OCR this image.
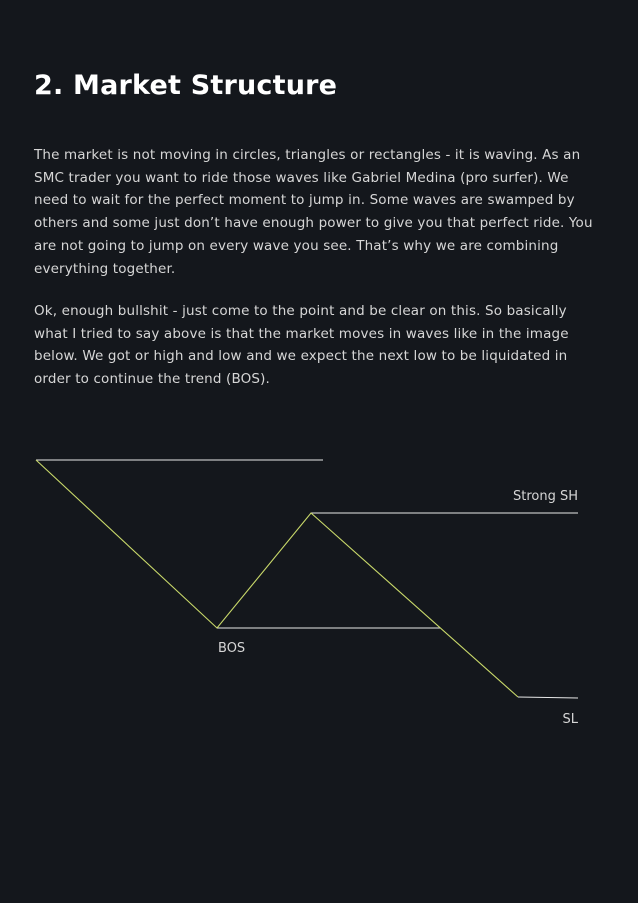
2. Market Structure

The market is not moving in circles, triangles or rectangles - it is waving. As an SMC trader you want to ride those waves like Gabriel Medina (pro surfer). We need to wait for the perfect moment to jump in. Some waves are swamped by others and some just don’t have enough power to give you that perfect ride. You are not going to jump on every wave you see. That’s why we are combining everything together.

Ok, enough bullshit - just come to the point and be clear on this. So basically what I tried to say above is that the market moves in waves like in the image below. We got or high and low and we expect the next low to be liquidated in order to continue the trend (BOS).

Strong SH
BOS
SL
